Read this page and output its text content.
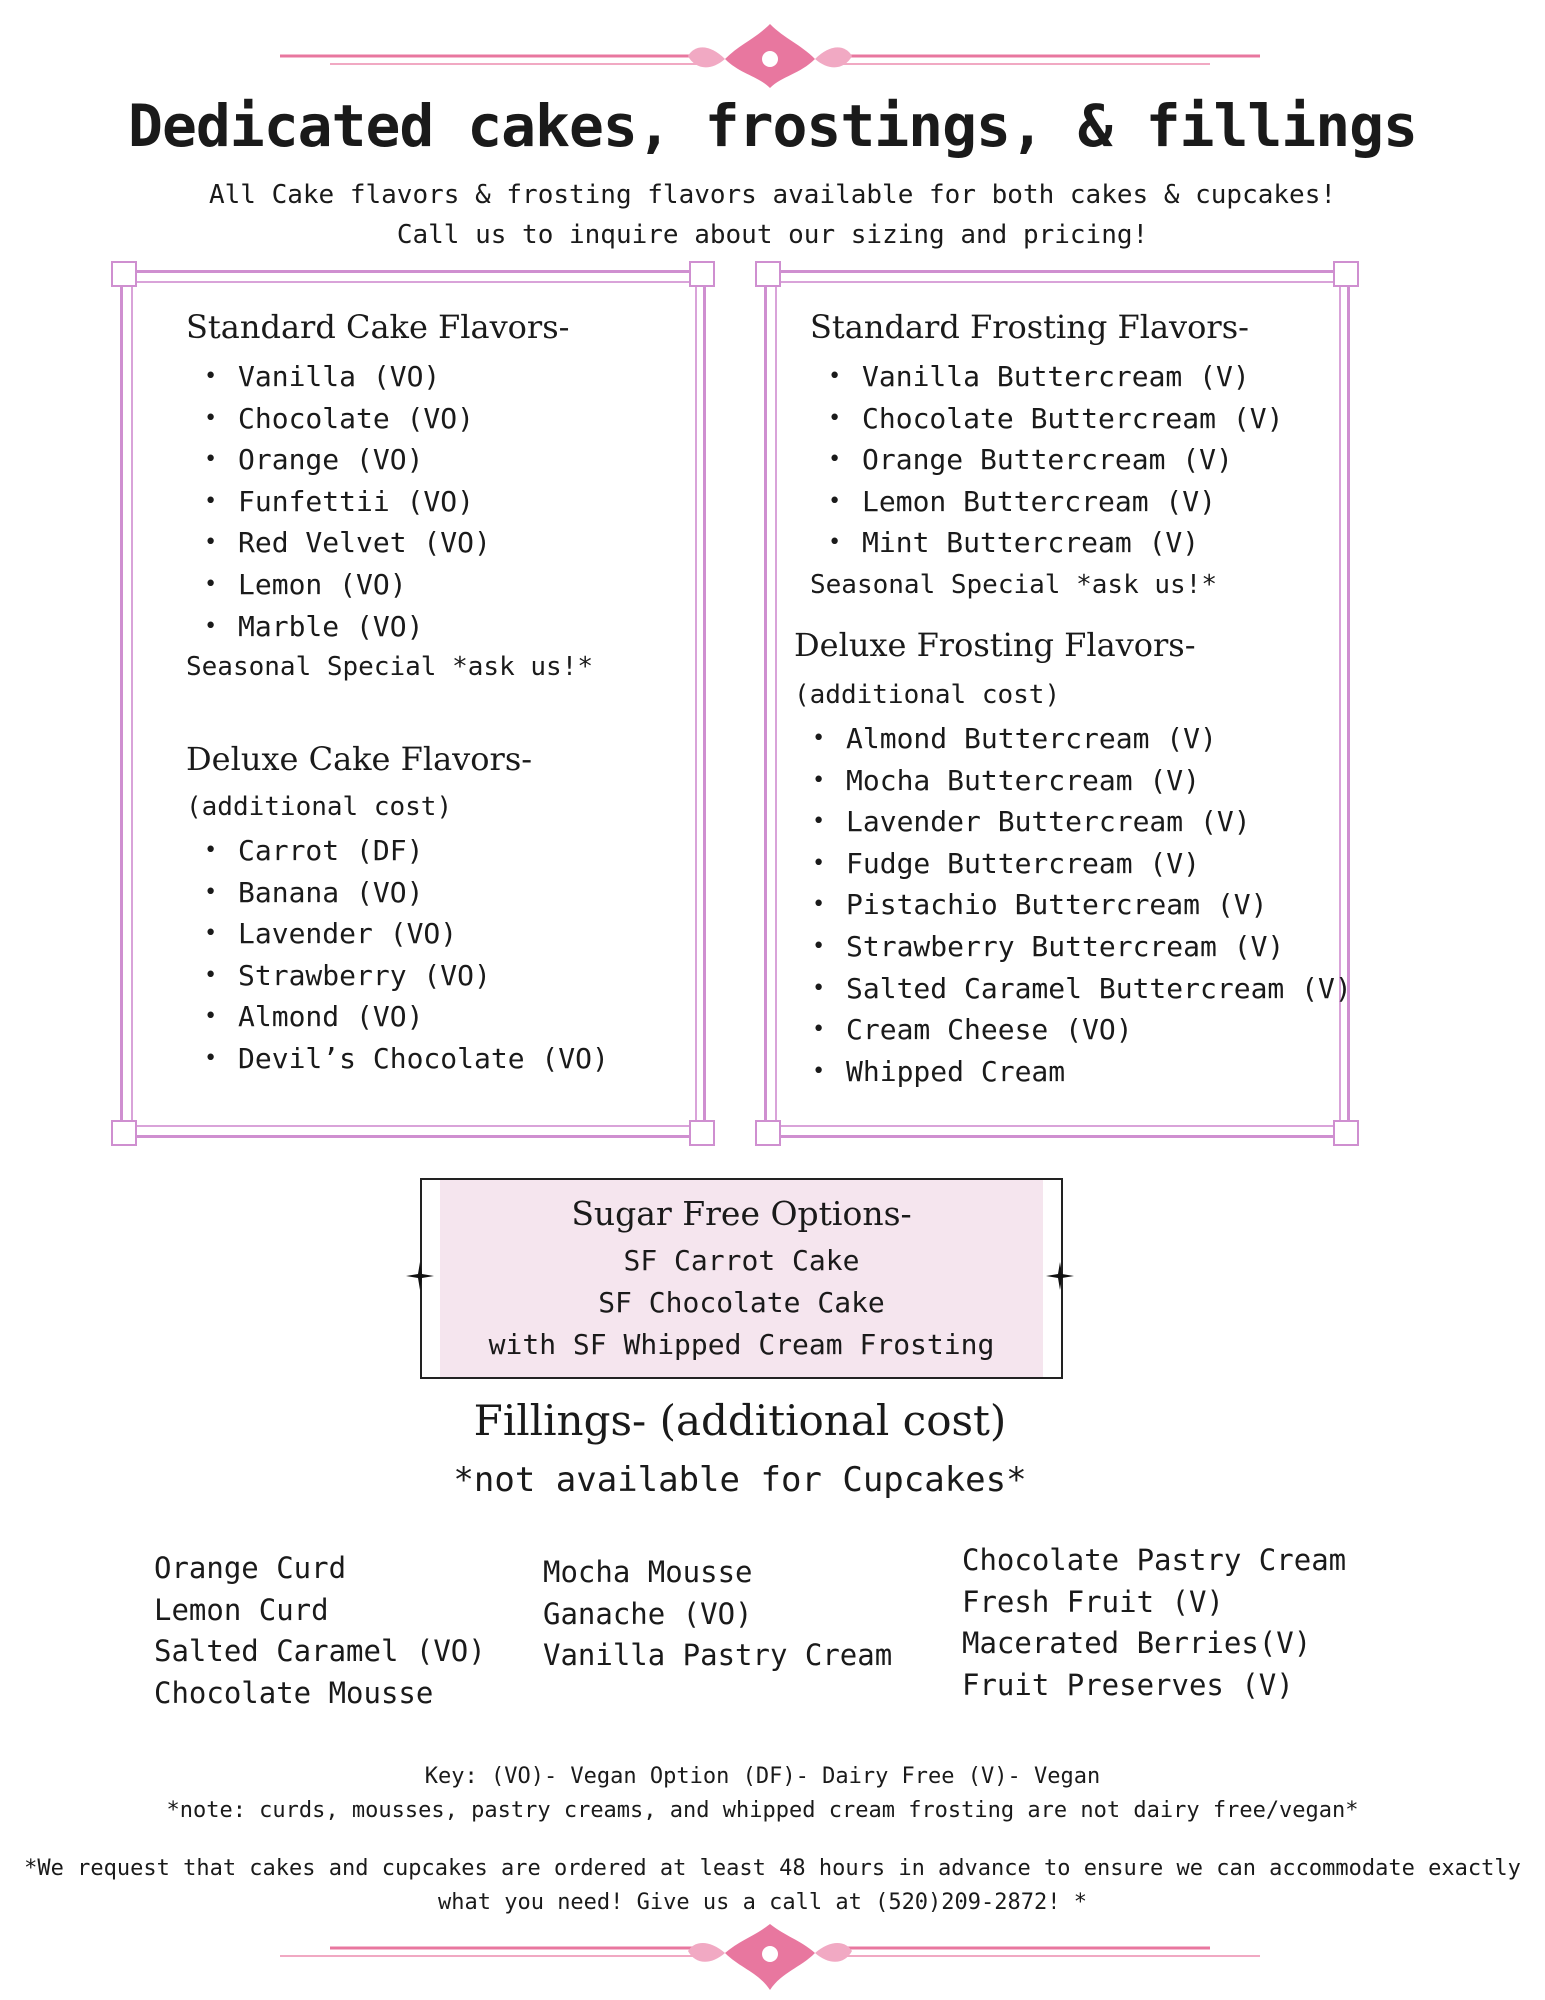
Dedicated cakes, frostings, & fillings
All Cake flavors & frosting flavors available for both cakes & cupcakes!
Call us to inquire about our sizing and pricing!
Standard Cake Flavors-
• Vanilla (VO)
• Chocolate (VO)
• Orange (VO)
• Funfettii (VO)
• Red Velvet (VO)
• Lemon (VO)
• Marble (VO)
Seasonal Special *ask us!*
Deluxe Cake Flavors-
(additional cost)
• Carrot (DF)
• Banana (VO)
• Lavender (VO)
• Strawberry (VO)
• Almond (VO)
• Devil’s Chocolate (VO)
Standard Frosting Flavors-
• Vanilla Buttercream (V)
• Chocolate Buttercream (V)
• Orange Buttercream (V)
• Lemon Buttercream (V)
• Mint Buttercream (V)
Seasonal Special *ask us!*
Deluxe Frosting Flavors-
(additional cost)
• Almond Buttercream (V)
• Mocha Buttercream (V)
• Lavender Buttercream (V)
• Fudge Buttercream (V)
• Pistachio Buttercream (V)
• Strawberry Buttercream (V)
• Salted Caramel Buttercream (V)
• Cream Cheese (VO)
• Whipped Cream
Sugar Free Options-
SF Carrot Cake
SF Chocolate Cake
with SF Whipped Cream Frosting
Fillings- (additional cost)
*not available for Cupcakes*
Orange Curd
Lemon Curd
Salted Caramel (VO)
Chocolate Mousse
Mocha Mousse
Ganache (VO)
Vanilla Pastry Cream
Chocolate Pastry Cream
Fresh Fruit (V)
Macerated Berries(V)
Fruit Preserves (V)
Key: (VO)- Vegan Option (DF)- Dairy Free (V)- Vegan
*note: curds, mousses, pastry creams, and whipped cream frosting are not dairy free/vegan*
*We request that cakes and cupcakes are ordered at least 48 hours in advance to ensure we can accommodate exactly
what you need! Give us a call at (520)209-2872! *
